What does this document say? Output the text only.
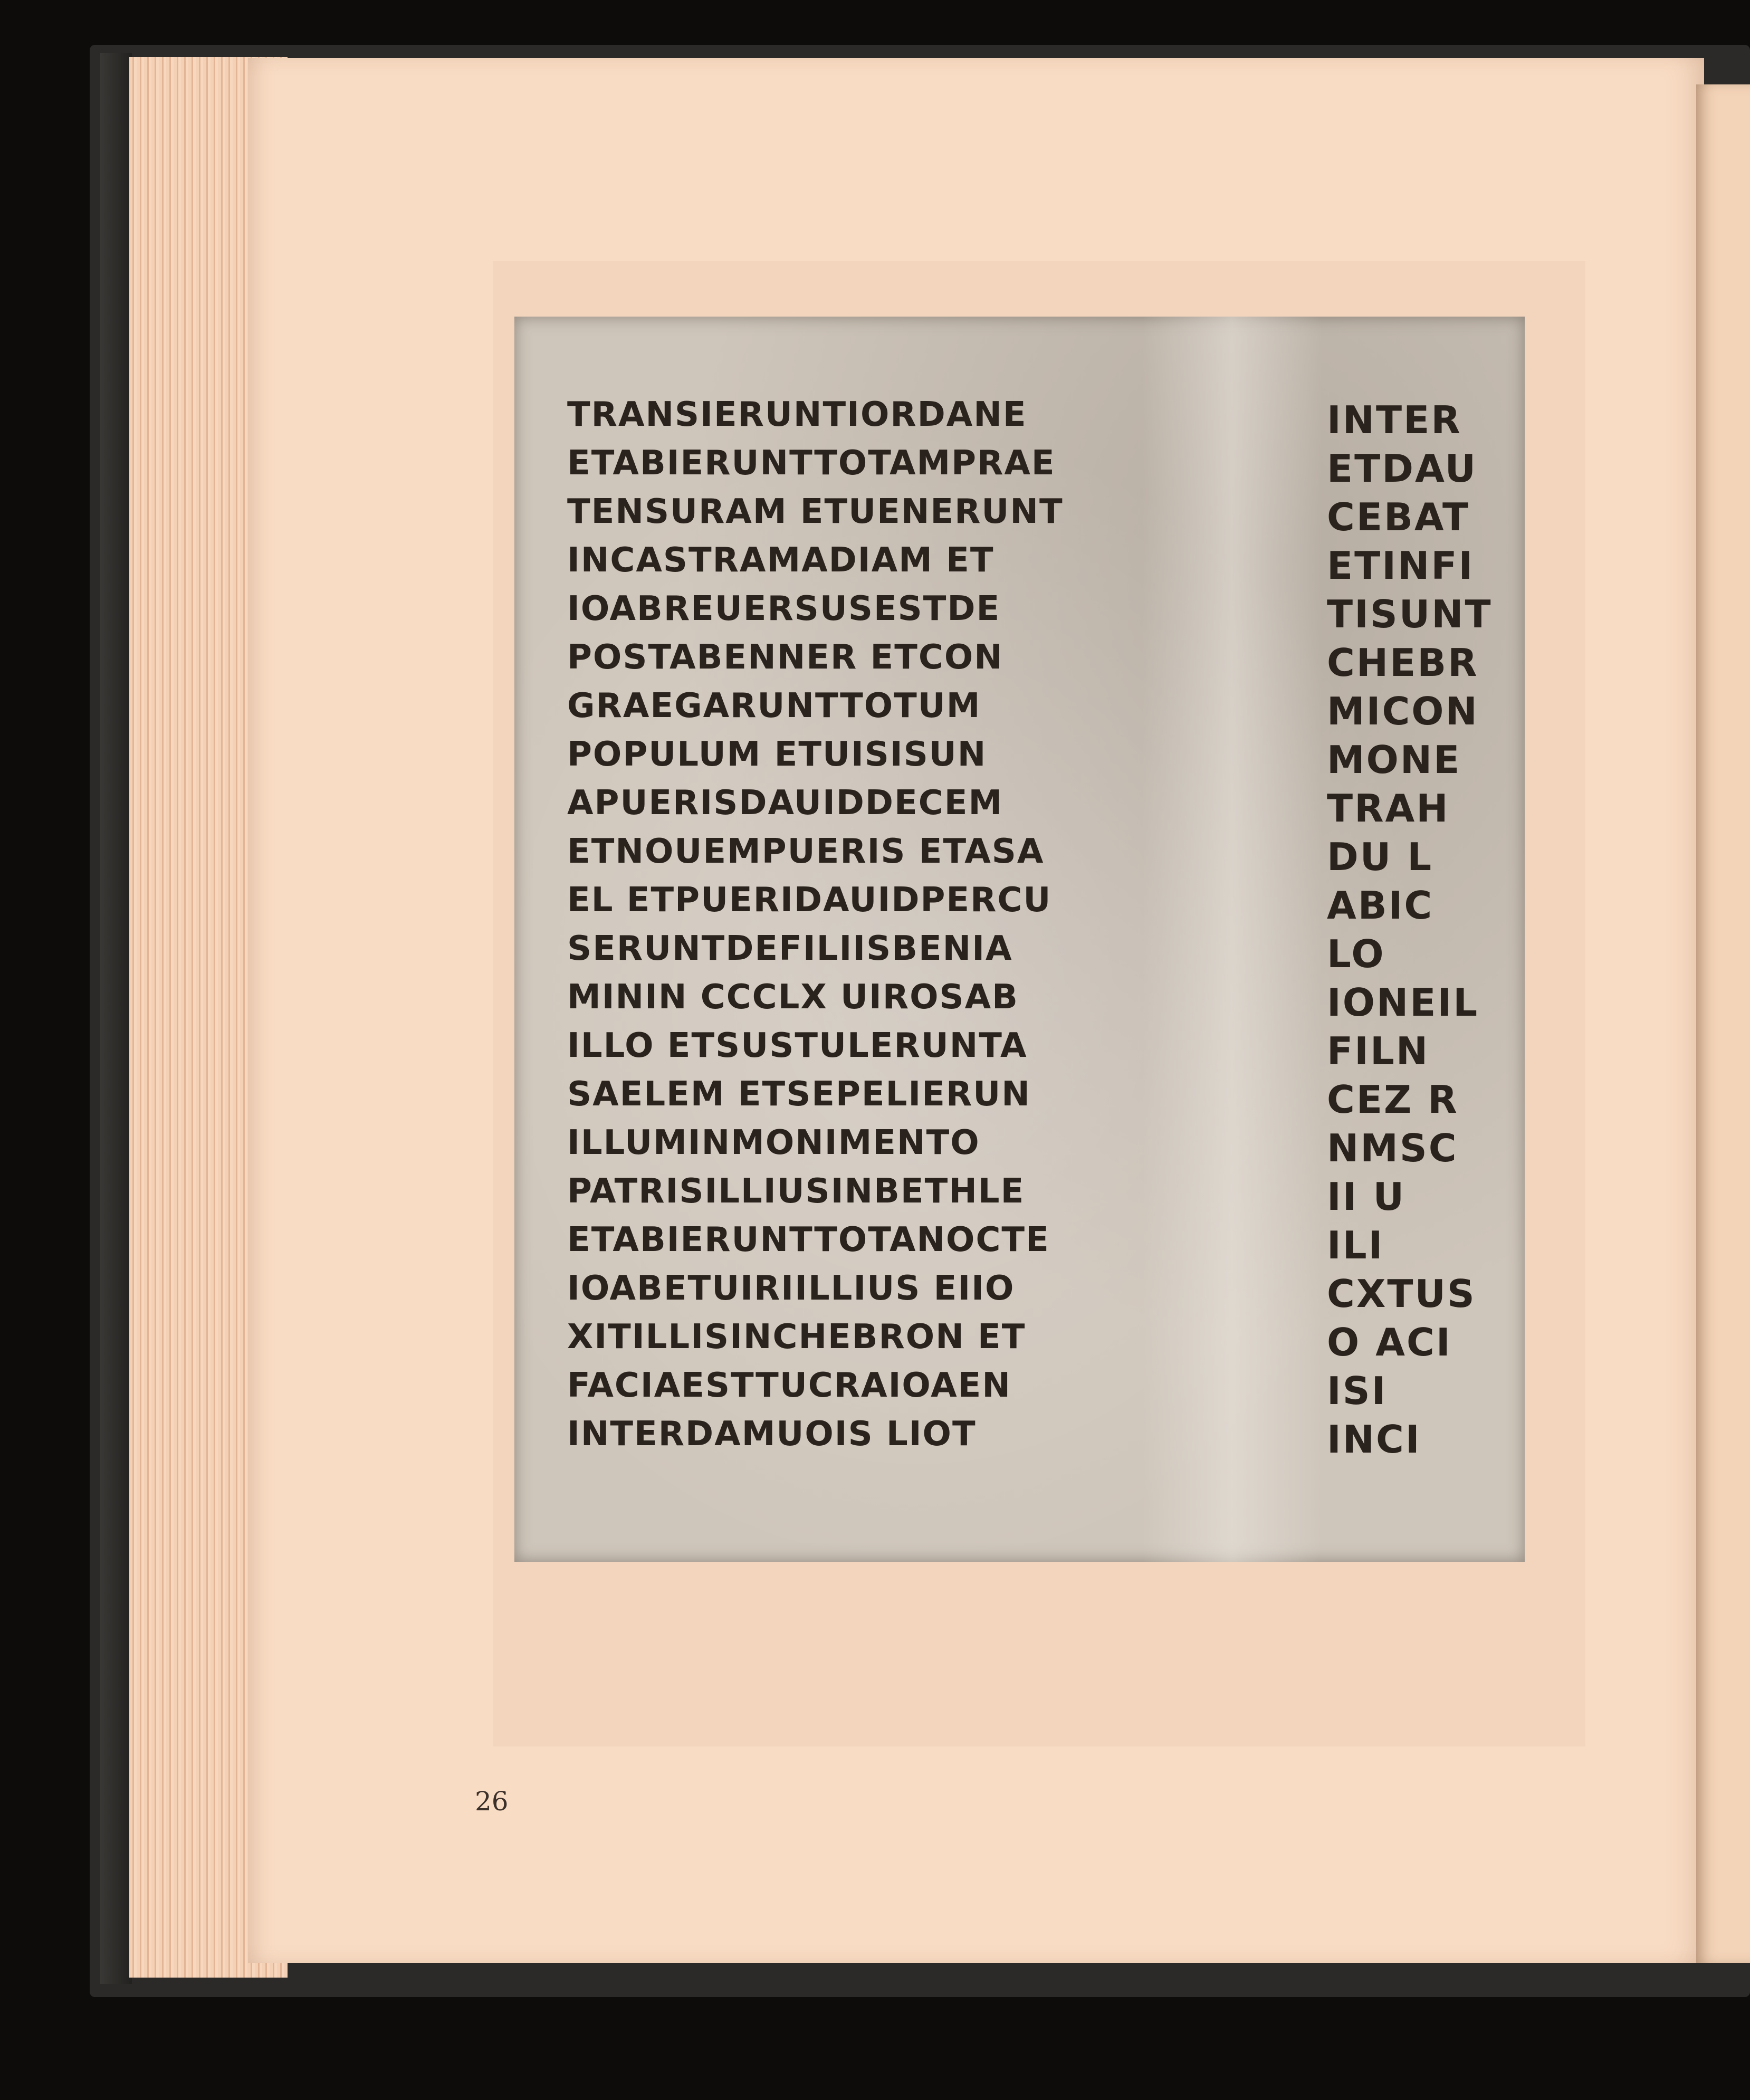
TRANSIERUNTIORDANE
ETABIERUNTTOTAMPRAE
TENSURAM ETUENERUNT
INCASTRAMADIAM ET
IOABREUERSUSESTDE
POSTABENNER ETCON
GRAEGARUNTTOTUM
POPULUM ETUISISUN
APUERISDAUIDDECEM
ETNOUEMPUERIS ETASA
EL ETPUERIDAUIDPERCU
SERUNTDEFILIISBENIA
MININ CCCLX UIROSAB
ILLO ETSUSTULERUNTA
SAELEM ETSEPELIERUN
ILLUMINMONIMENTO
PATRISILLIUSINBETHLE
ETABIERUNTTOTANOCTE
IOABETUIRIILLIUS EIIO
XITILLISINCHEBRON ET
FACIAESTTUCRAIOAEN
INTERDAMUOIS LIOT
INTER
ETDAU
CEBAT
ETINFI
TISUNT
CHEBR
MICON
MONE
TRAH
DU L
ABIC
LO
IONEIL
FILN
CEZ R
NMSC
II U
ILI
CXTUS
O ACI
ISI
INCI
26
